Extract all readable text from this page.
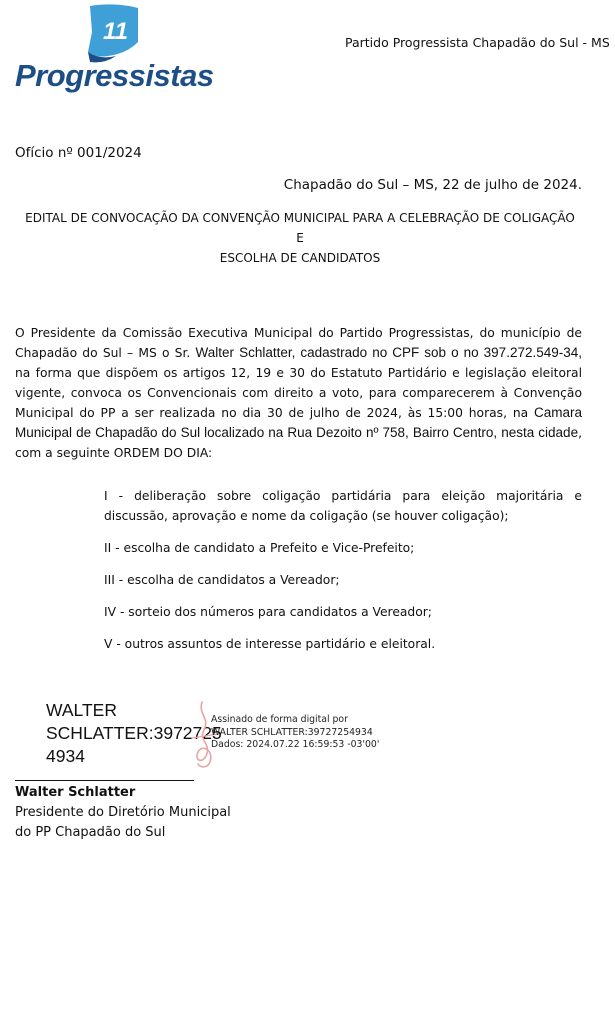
11
Progressistas
Partido Progressista Chapadão do Sul - MS
Ofício nº 001/2024
Chapadão do Sul – MS, 22 de julho de 2024.
EDITAL DE CONVOCAÇÃO DA CONVENÇÃO MUNICIPAL PARA A CELEBRAÇÃO DE COLIGAÇÃO E
ESCOLHA DE CANDIDATOS
O Presidente da Comissão Executiva Municipal do Partido Progressistas, do município de Chapadão do Sul – MS o Sr. Walter Schlatter, cadastrado no CPF sob o no 397.272.549-34, na forma que dispõem os artigos 12, 19 e 30 do Estatuto Partidário e legislação eleitoral vigente, convoca os Convencionais com direito a voto, para comparecerem à Convenção Municipal do PP a ser realizada no dia 30 de julho de 2024, às 15:00 horas, na Camara Municipal de Chapadão do Sul localizado na Rua Dezoito nº 758, Bairro Centro, nesta cidade, com a seguinte ORDEM DO DIA:

I - deliberação sobre coligação partidária para eleição majoritária e discussão, aprovação e nome da coligação (se houver coligação);

II - escolha de candidato a Prefeito e Vice-Prefeito;

III - escolha de candidatos a Vereador;

IV - sorteio dos números para candidatos a Vereador;

V - outros assuntos de interesse partidário e eleitoral.

WALTER
SCHLATTER:3972725
4934
Assinado de forma digital por
WALTER SCHLATTER:39727254934
Dados: 2024.07.22 16:59:53 -03'00'
Walter Schlatter
Presidente do Diretório Municipal
do PP Chapadão do Sul
